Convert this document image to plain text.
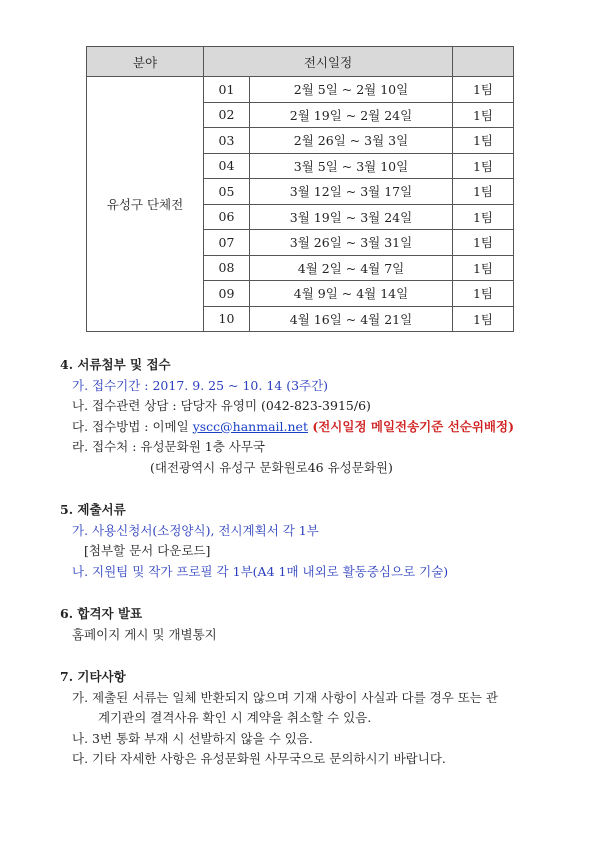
분야	전시일정		
유성구 단체전	01	2월 5일 ~ 2월 10일	1팀
	02	2월 19일 ~ 2월 24일	1팀
	03	2월 26일 ~ 3월 3일	1팀
	04	3월 5일 ~ 3월 10일	1팀
	05	3월 12일 ~ 3월 17일	1팀
	06	3월 19일 ~ 3월 24일	1팀
	07	3월 26일 ~ 3월 31일	1팀
	08	4월 2일 ~ 4월 7일	1팀
	09	4월 9일 ~ 4월 14일	1팀
	10	4월 16일 ~ 4월 21일	1팀
4. 서류첨부 및 접수
가. 접수기간 : 2017. 9. 25 ~ 10. 14 (3주간)
나. 접수관련 상담 : 담당자 유영미 (042-823-3915/6)
다. 접수방법 : 이메일 yscc@hanmail.net (전시일정 메일전송기준 선순위배정)
라. 접수처 : 유성문화원 1층 사무국
(대전광역시 유성구 문화원로46 유성문화원)
5. 제출서류
가. 사용신청서(소정양식), 전시계획서 각 1부
[첨부할 문서 다운로드]
나. 지원팀 및 작가 프로필 각 1부(A4 1매 내외로 활동중심으로 기술)
6. 합격자 발표
홈페이지 게시 및 개별통지
7. 기타사항
가. 제출된 서류는 일체 반환되지 않으며 기재 사항이 사실과 다를 경우 또는 관
계기관의 결격사유 확인 시 계약을 취소할 수 있음.
나. 3번 통화 부재 시 선발하지 않을 수 있음.
다. 기타 자세한 사항은 유성문화원 사무국으로 문의하시기 바랍니다.
